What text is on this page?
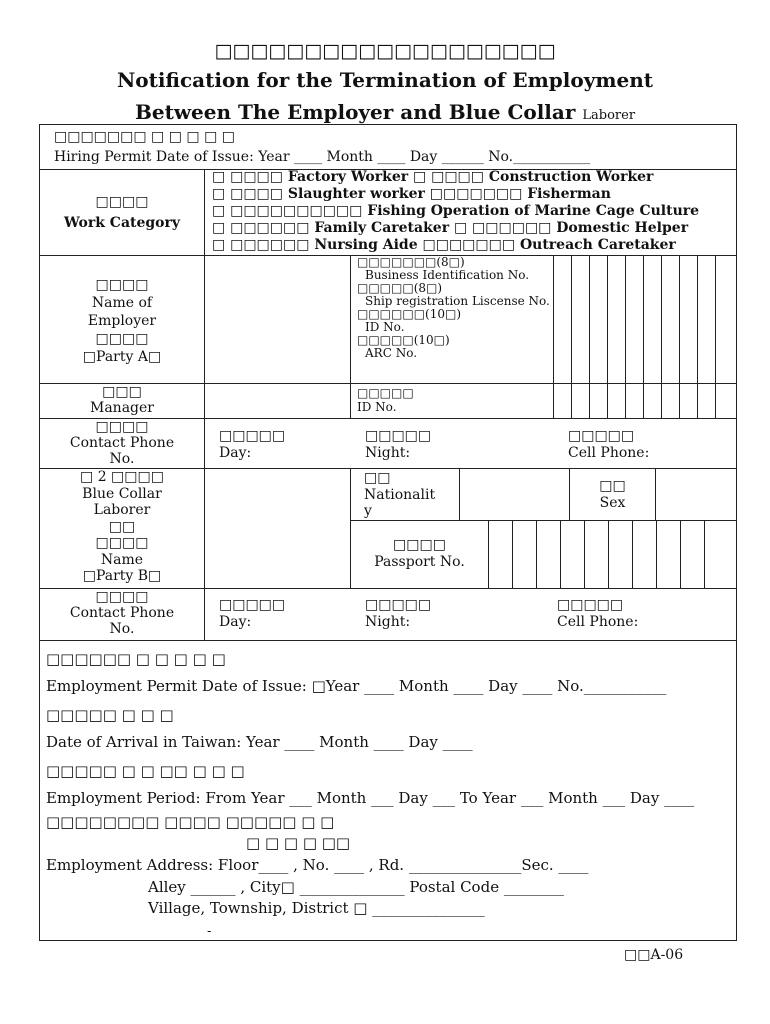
□□□□□□□□□□□□□□□□□□□
Notification for the Termination of Employment
Between The Employer and Blue Collar Laborer
□□□□□□□ □ □ □ □ □
Hiring Permit Date of Issue: Year ____ Month ____ Day ______ No.___________
□□□□
Work Category
□ □□□□ Factory Worker □ □□□□ Construction Worker
□ □□□□ Slaughter worker □□□□□□□ Fisherman
□ □□□□□□□□□□ Fishing Operation of Marine Cage Culture
□ □□□□□□ Family Caretaker □ □□□□□□ Domestic Helper
□ □□□□□□ Nursing Aide □□□□□□□ Outreach Caretaker
□□□□
Name of
Employer
□□□□
□Party A□
□□□□□□□(8□)
Business Identification No.
□□□□□(8□)
Ship registration Liscense No.
□□□□□□(10□)
ID No.
□□□□□(10□)
ARC No.
□□□
Manager
□□□□□
ID No.
□□□□
Contact Phone
No.
□□□□□
Day:
□□□□□
Night:
□□□□□
Cell Phone:
□ 2 □□□□
Blue Collar
Laborer
□□
□□□□
Name
□Party B□
□□
Nationalit
y
□□
Sex
□□□□
Passport No.
□□□□
Contact Phone
No.
□□□□□
Day:
□□□□□
Night:
□□□□□
Cell Phone:
□□□□□□ □ □ □ □ □
Employment Permit Date of Issue: □Year ____ Month ____ Day ____ No.___________
□□□□□ □ □ □
Date of Arrival in Taiwan: Year ____ Month ____ Day ____
□□□□□ □ □ □□ □ □ □
Employment Period: From Year ___ Month ___ Day ___ To Year ___ Month ___ Day ____
□□□□□□□□ □□□□ □□□□□ □ □
□ □ □ □ □□
Employment Address: Floor____ , No. ____ , Rd. _______________Sec. ____
Alley ______ , City□ ______________ Postal Code ________
Village, Township, District □ _______________
-
□□A-06
